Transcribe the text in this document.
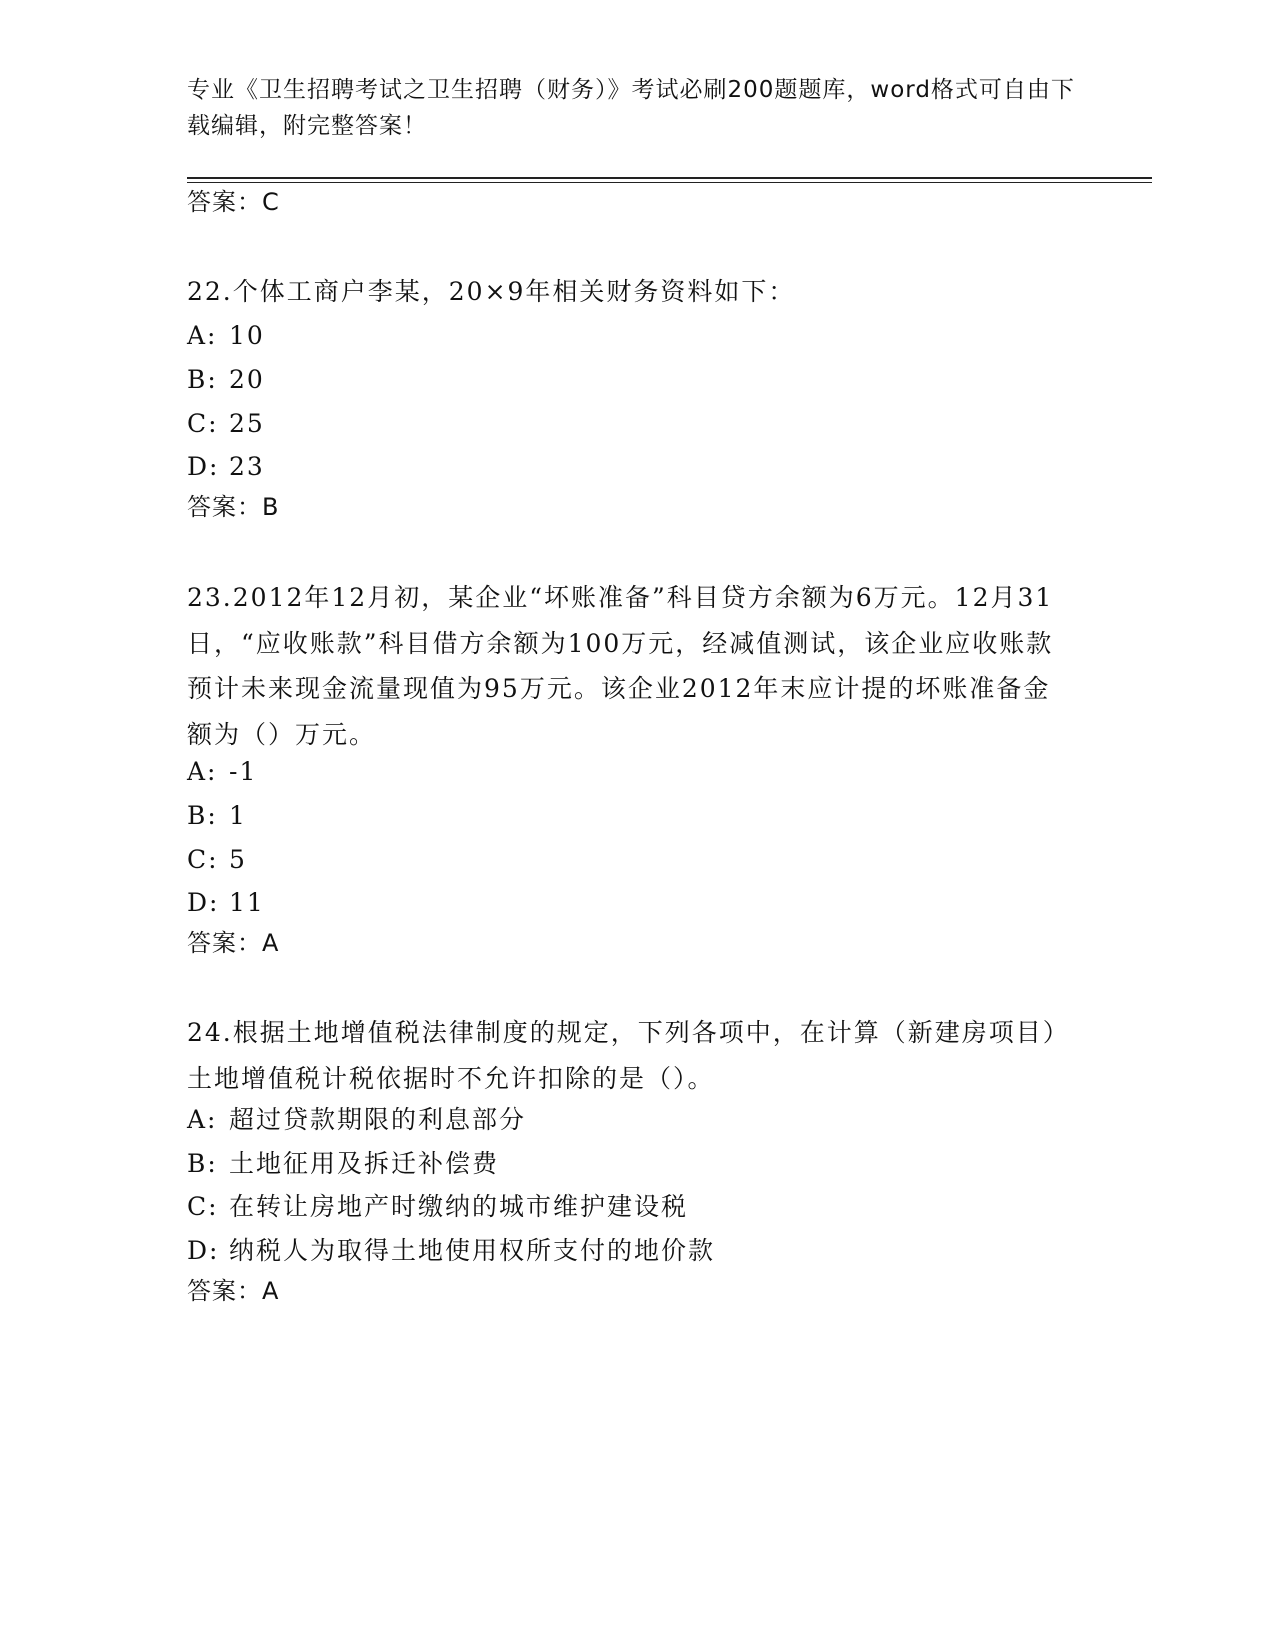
专业《卫生招聘考试之卫生招聘（财务）》考试必刷200题题库，word格式可自由下载编辑，附完整答案！
答案：C
22.个体工商户李某，20×9年相关财务资料如下：
A: 10
B: 20
C: 25
D: 23
答案：B
23.2012年12月初，某企业“坏账准备”科目贷方余额为6万元。12月31日，“应收账款”科目借方余额为100万元，经减值测试，该企业应收账款预计未来现金流量现值为95万元。该企业2012年末应计提的坏账准备金额为（）万元。
A: -1
B: 1
C: 5
D: 11
答案：A
24.根据土地增值税法律制度的规定，下列各项中，在计算（新建房项目）土地增值税计税依据时不允许扣除的是（）。
A: 超过贷款期限的利息部分
B: 土地征用及拆迁补偿费
C: 在转让房地产时缴纳的城市维护建设税
D: 纳税人为取得土地使用权所支付的地价款
答案：A
